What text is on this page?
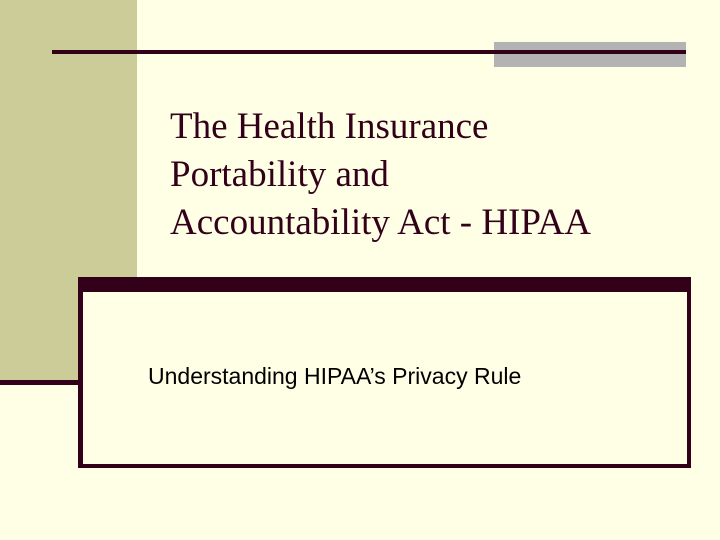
The Health Insurance
Portability and
Accountability Act - HIPAA
Understanding HIPAA’s Privacy Rule
